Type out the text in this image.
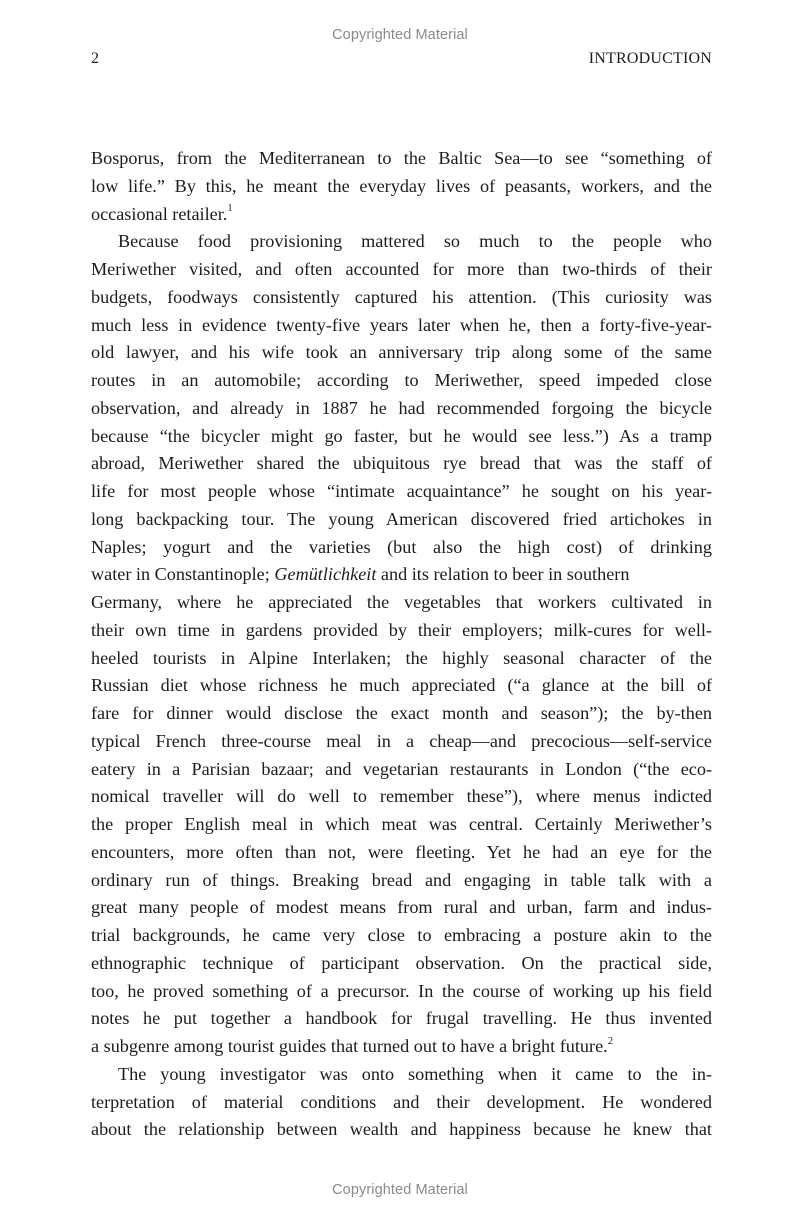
Copyrighted Material
2	INTRODUCTION
Bosporus, from the Mediterranean to the Baltic Sea—to see “something of
low life.” By this, he meant the everyday lives of peasants, workers, and the
occasional retailer.$^1$
Because food provisioning mattered so much to the people who
Meriwether visited, and often accounted for more than two-thirds of their
budgets, foodways consistently captured his attention. (This curiosity was
much less in evidence twenty-five years later when he, then a forty-five-year-
old lawyer, and his wife took an anniversary trip along some of the same
routes in an automobile; according to Meriwether, speed impeded close
observation, and already in 1887 he had recommended forgoing the bicycle
because “the bicycler might go faster, but he would see less.”) As a tramp
abroad, Meriwether shared the ubiquitous rye bread that was the staff of
life for most people whose “intimate acquaintance” he sought on his year-
long backpacking tour. The young American discovered fried artichokes in
Naples; yogurt and the varieties (but also the high cost) of drinking
water in Constantinople; Gemütlichkeit and its relation to beer in southern
Germany, where he appreciated the vegetables that workers cultivated in
their own time in gardens provided by their employers; milk-cures for well-
heeled tourists in Alpine Interlaken; the highly seasonal character of the
Russian diet whose richness he much appreciated (“a glance at the bill of
fare for dinner would disclose the exact month and season”); the by-then
typical French three-course meal in a cheap—and precocious—self-service
eatery in a Parisian bazaar; and vegetarian restaurants in London (“the eco-
nomical traveller will do well to remember these”), where menus indicted
the proper English meal in which meat was central. Certainly Meriwether’s
encounters, more often than not, were fleeting. Yet he had an eye for the
ordinary run of things. Breaking bread and engaging in table talk with a
great many people of modest means from rural and urban, farm and indus-
trial backgrounds, he came very close to embracing a posture akin to the
ethnographic technique of participant observation. On the practical side,
too, he proved something of a precursor. In the course of working up his field
notes he put together a handbook for frugal travelling. He thus invented
a subgenre among tourist guides that turned out to have a bright future.$^2$
The young investigator was onto something when it came to the in-
terpretation of material conditions and their development. He wondered
about the relationship between wealth and happiness because he knew that
Copyrighted Material
